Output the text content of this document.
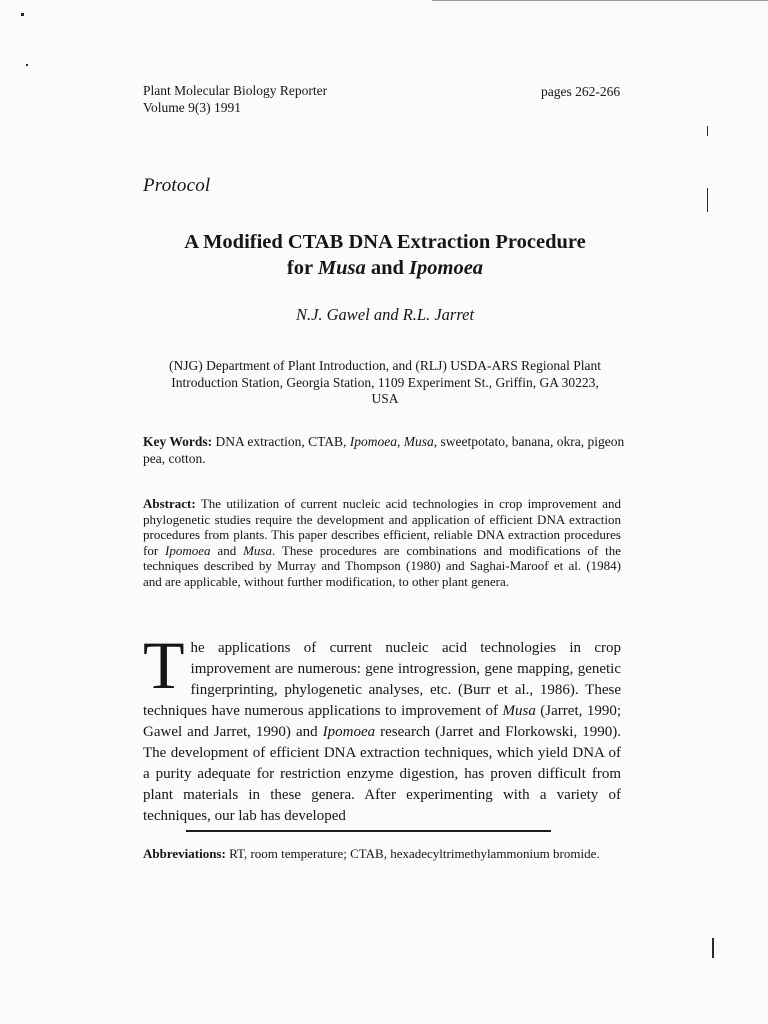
Plant Molecular Biology Reporter
Volume 9(3) 1991
pages 262-266
Protocol
A Modified CTAB DNA Extraction Procedure
for Musa and Ipomoea
N.J. Gawel and R.L. Jarret
(NJG) Department of Plant Introduction, and (RLJ) USDA-ARS Regional Plant
Introduction Station, Georgia Station, 1109 Experiment St., Griffin, GA 30223,
USA
Key Words: DNA extraction, CTAB, Ipomoea, Musa, sweetpotato, banana, okra, pigeon pea, cotton.
Abstract: The utilization of current nucleic acid technologies in crop improvement and phylogenetic studies require the development and application of efficient DNA extraction procedures from plants. This paper describes efficient, reliable DNA extraction procedures for Ipomoea and Musa. These procedures are combinations and modifications of the techniques described by Murray and Thompson (1980) and Saghai-Maroof et al. (1984) and are applicable, without further modification, to other plant genera.
The applications of current nucleic acid technologies in crop improvement are numerous: gene introgression, gene mapping, genetic fingerprinting, phylogenetic analyses, etc. (Burr et al., 1986). These techniques have numerous applications to improvement of Musa (Jarret, 1990; Gawel and Jarret, 1990) and Ipomoea research (Jarret and Florkowski, 1990). The development of efficient DNA extraction techniques, which yield DNA of a purity adequate for restriction enzyme digestion, has proven difficult from plant materials in these genera. After experimenting with a variety of techniques, our lab has developed
Abbreviations: RT, room temperature; CTAB, hexadecyltrimethylammonium bromide.
